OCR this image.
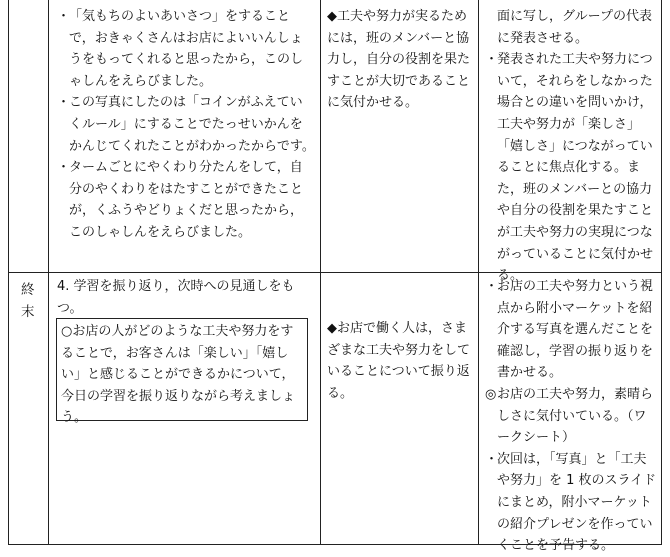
・
「気もちのよいあいさつ」をすることで，おきゃくさんはお店によいいんしょうをもってくれると思ったから，このしゃしんをえらびました。
・
この写真にしたのは「コインがふえていくルール」にすることでたっせいかんをかんじてくれたことがわかったからです。
・
タームごとにやくわり分たんをして，自分のやくわりをはたすことができたことが，くふうやどりょくだと思ったから， このしゃしんをえらびました。

◆工夫や努力が実るためには，班のメンバーと協力し，自分の役割を果たすことが大切であることに気付かせる。

面に写し，グループの代表に発表させる。
・
発表された工夫や努力について，それらをしなかった場合との違いを問いかけ，工夫や努力が「楽しさ」「嬉しさ」につながっていることに焦点化する。また，班のメンバーとの協力や自分の役割を果たすことが工夫や努力の実現につながっていることに気付かせる。
終末

4. 学習を振り返り，次時への見通しをもつ。

○お店の人がどのような工夫や努力をすることで，お客さんは「楽しい」「嬉しい」と感じることができるかについて，今日の学習を振り返りながら考えましょう。

◆お店で働く人は，さまざまな工夫や努力をしていることについて振り返る。

・
お店の工夫や努力という視点から附小マーケットを紹介する写真を選んだことを確認し，学習の振り返りを書かせる。
◎ お店の工夫や努力，素晴らしさに気付いている。（ワークシート）
・
次回は，「写真」と「工夫や努力」を 1 枚のスライドにまとめ，附小マーケットの紹介プレゼンを作っていくことを予告する。
